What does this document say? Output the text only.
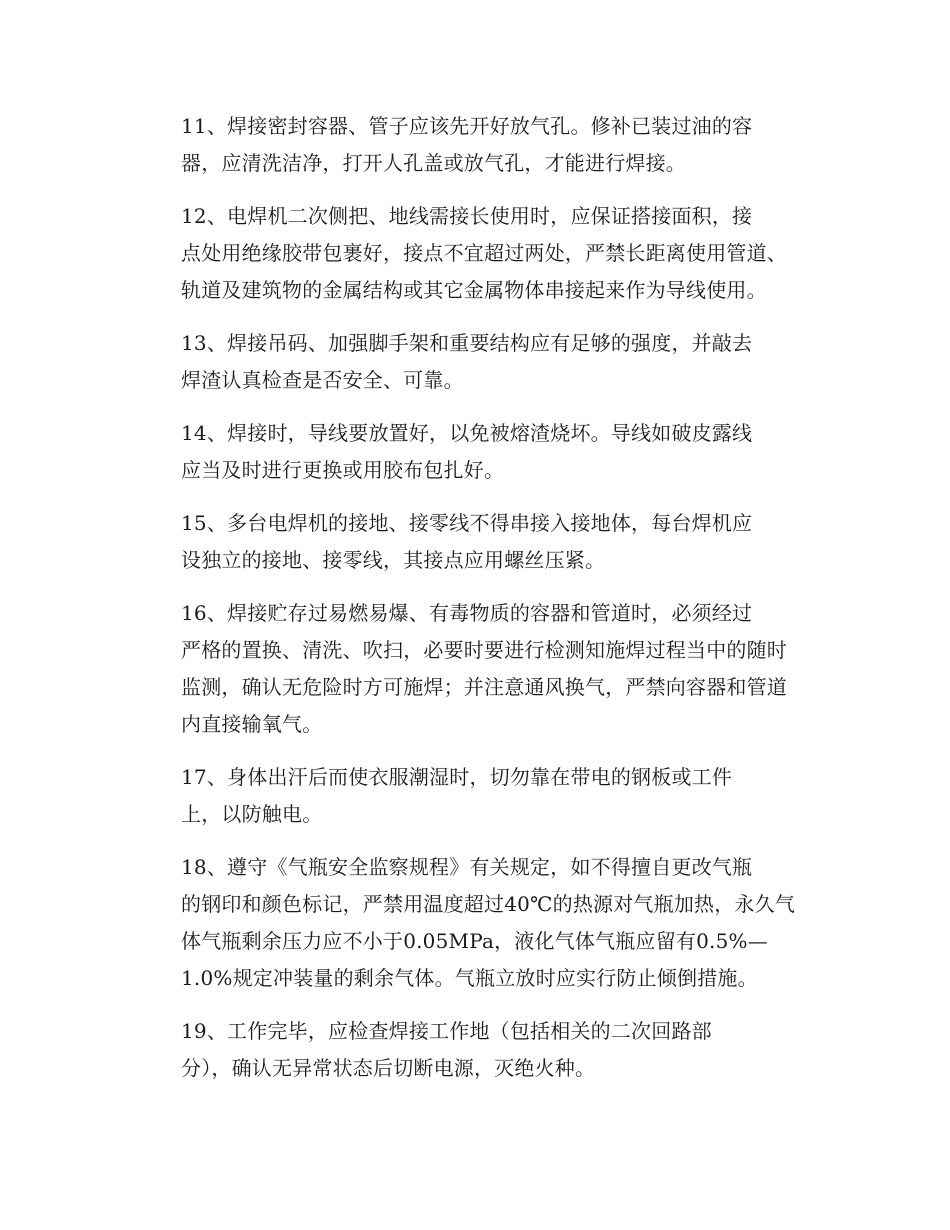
11、焊接密封容器、管子应该先开好放气孔。修补已装过油的容
器，应清洗洁净，打开人孔盖或放气孔，才能进行焊接。
12、电焊机二次侧把、地线需接长使用时，应保证搭接面积，接
点处用绝缘胶带包裹好，接点不宜超过两处，严禁长距离使用管道、
轨道及建筑物的金属结构或其它金属物体串接起来作为导线使用。
13、焊接吊码、加强脚手架和重要结构应有足够的强度，并敲去
焊渣认真检查是否安全、可靠。
14、焊接时，导线要放置好，以免被熔渣烧坏。导线如破皮露线
应当及时进行更换或用胶布包扎好。
15、多台电焊机的接地、接零线不得串接入接地体，每台焊机应
设独立的接地、接零线，其接点应用螺丝压紧。
16、焊接贮存过易燃易爆、有毒物质的容器和管道时，必须经过
严格的置换、清洗、吹扫，必要时要进行检测知施焊过程当中的随时
监测，确认无危险时方可施焊；并注意通风换气，严禁向容器和管道
内直接输氧气。
17、身体出汗后而使衣服潮湿时，切勿靠在带电的钢板或工件
上，以防触电。
18、遵守《气瓶安全监察规程》有关规定，如不得擅自更改气瓶
的钢印和颜色标记，严禁用温度超过40℃的热源对气瓶加热，永久气
体气瓶剩余压力应不小于0.05MPa，液化气体气瓶应留有0.5%—
1.0%规定冲装量的剩余气体。气瓶立放时应实行防止倾倒措施。
19、工作完毕，应检查焊接工作地（包括相关的二次回路部
分），确认无异常状态后切断电源，灭绝火种。
